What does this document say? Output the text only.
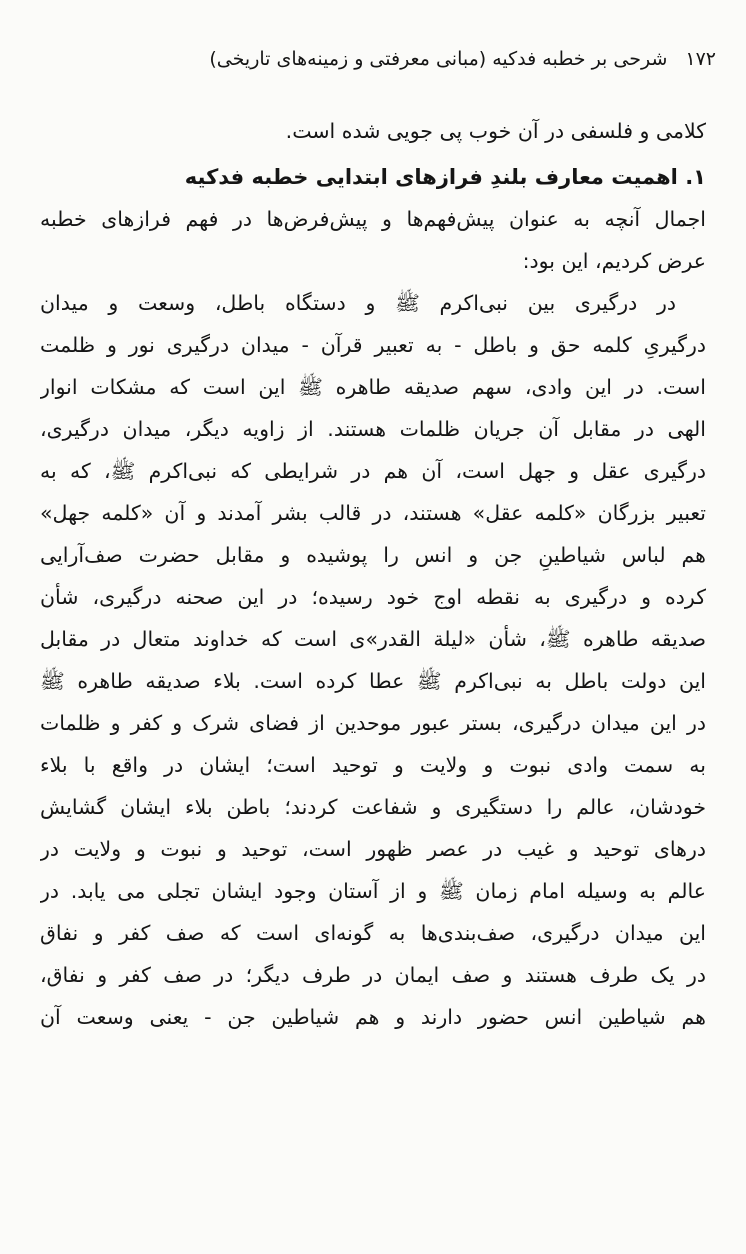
۱۷۲شرحی بر خطبه فدکیه (مبانی معرفتی و زمینه‌های تاریخی)
کلامی و فلسفی در آن خوب پی جویی شده است.
۱. اهمیت معارف بلندِ فرازهای ابتدایی خطبه فدکیه
اجمال آنچه به عنوان پیش‌فهم‌ها و پیش‌فرض‌ها در فهم فرازهای خطبه
عرض کردیم، این بود:
در درگیری بین نبی‌اکرم ﷺ و دستگاه باطل، وسعت و میدان
درگیریِ کلمه حق و باطل - به تعبیر قرآن - میدان درگیری نور و ظلمت
است. در این وادی، سهم صدیقه طاهره ﷺ این است که مشکات انوار
الهی در مقابل آن جریان ظلمات هستند. از زاویه دیگر، میدان درگیری،
درگیری عقل و جهل است، آن هم در شرایطی که نبی‌اکرم ﷺ، که به
تعبیر بزرگان «کلمه عقل» هستند، در قالب بشر آمدند و آن «کلمه جهل»
هم لباس شیاطینِ جن و انس را پوشیده و مقابل حضرت صف‌آرایی
کرده و درگیری به نقطه اوج خود رسیده؛ در این صحنه درگیری، شأن
صدیقه طاهره ﷺ، شأن «لیلة القدر»ی است که خداوند متعال در مقابل
این دولت باطل به نبی‌اکرم ﷺ عطا کرده است. بلاء صدیقه طاهره ﷺ
در این میدان درگیری، بستر عبور موحدین از فضای شرک و کفر و ظلمات
به سمت وادی نبوت و ولایت و توحید است؛ ایشان در واقع با بلاء
خودشان، عالم را دستگیری و شفاعت کردند؛ باطن بلاء ایشان گشایش
درهای توحید و غیب در عصر ظهور است، توحید و نبوت و ولایت در
عالم به وسیله امام زمان ﷺ و از آستان وجود ایشان تجلی می یابد. در
این میدان درگیری، صف‌بندی‌ها به گونه‌ای است که صف کفر و نفاق
در یک طرف هستند و صف ایمان در طرف دیگر؛ در صف کفر و نفاق،
هم شیاطین انس حضور دارند و هم شیاطین جن - یعنی وسعت آن
